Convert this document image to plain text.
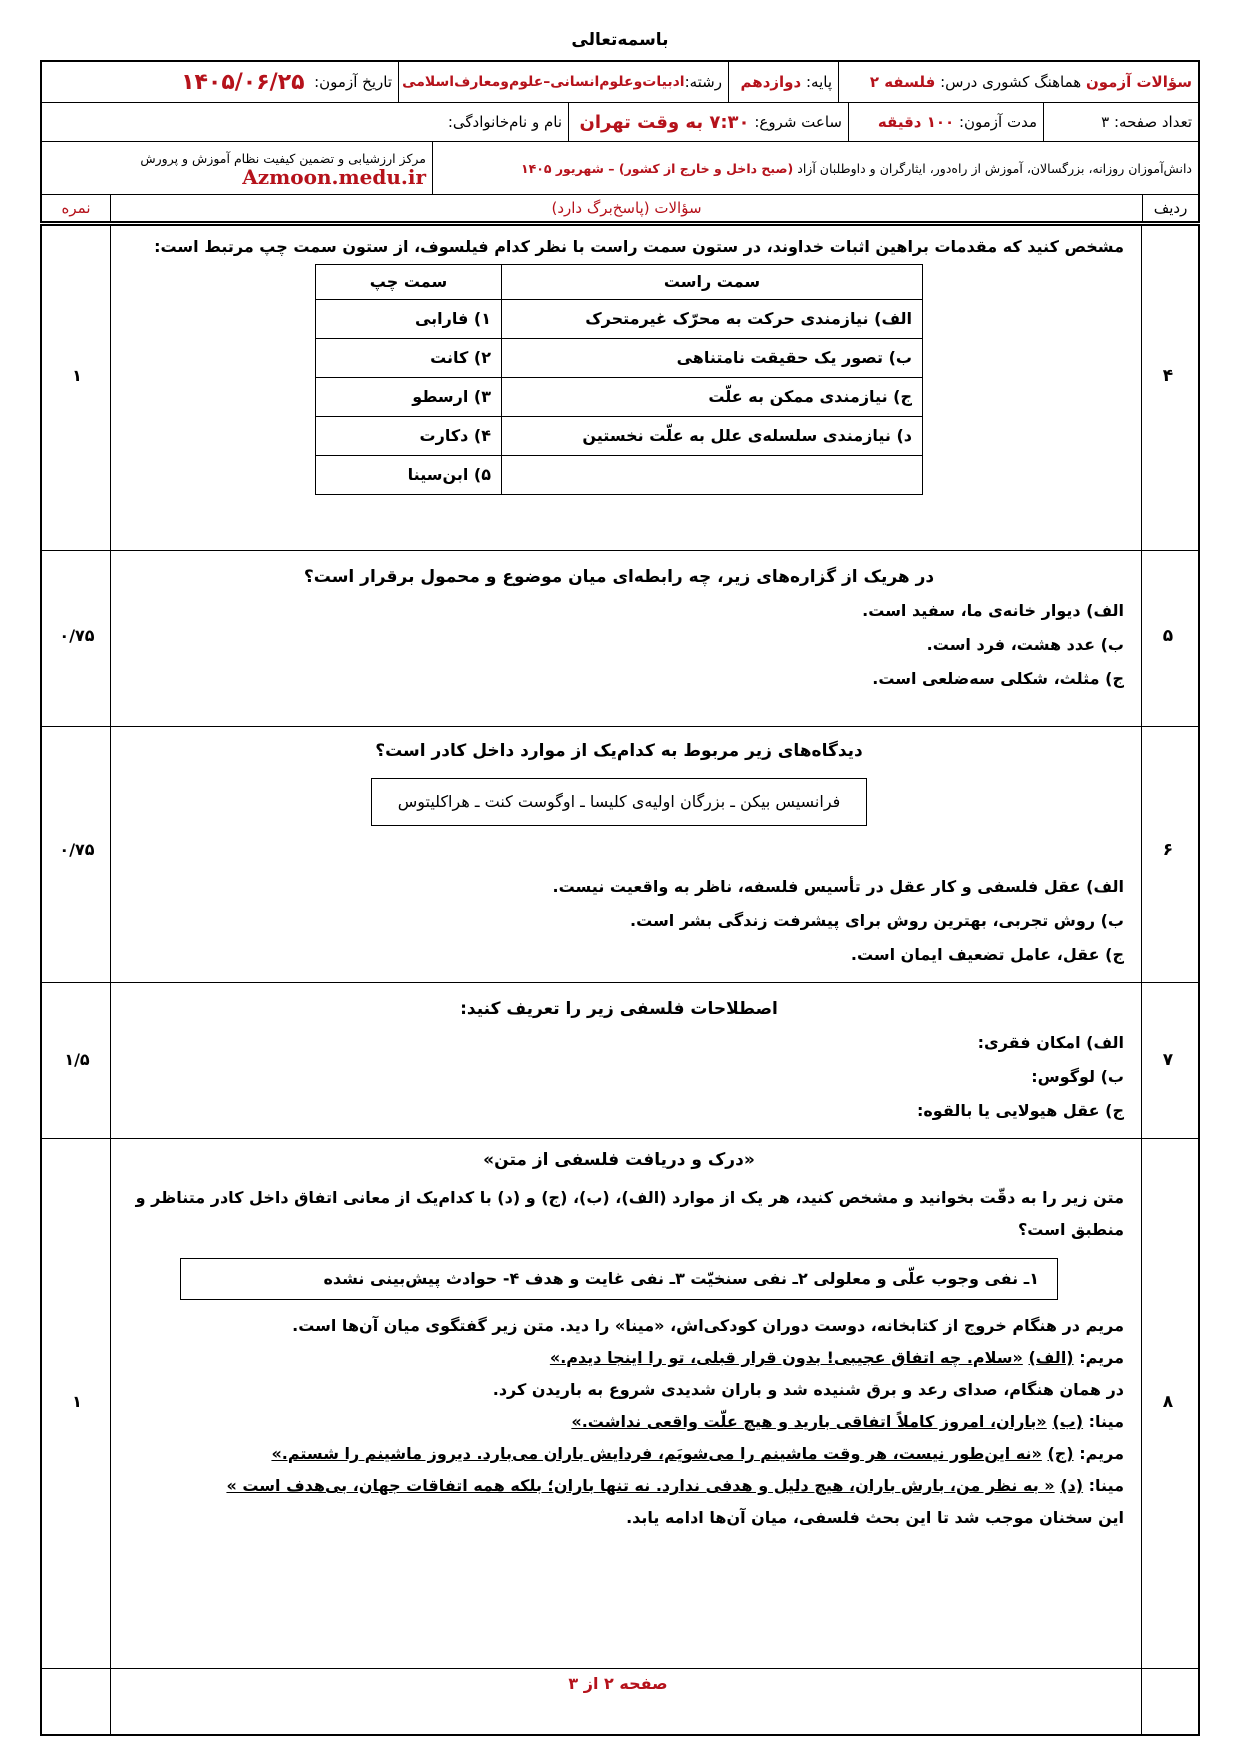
باسمه‌تعالی
سؤالات آزمون

هماهنگ کشوری درس:

فلسفه ۲
پایه:

دوازدهم
رشته:
ادبیات‌وعلوم‌انسانی–علوم‌ومعارف‌اسلامی
تاریخ آزمون:

۱۴۰۵/۰۶/۲۵
تعداد صفحه: ۳
مدت آزمون:

۱۰۰ دقیقه
ساعت شروع:

۷:۳۰ به وقت تهران
نام و نام‌خانوادگی:
دانش‌آموزان روزانه، بزرگسالان، آموزش از راه‌دور، ایثارگران و داوطلبان آزاد

(صبح داخل و خارج از کشور) – شهریور ۱۴۰۵
مرکز ارزشیابی و تضمین کیفیت نظام آموزش و پرورش
Azmoon.medu.ir
ردیف
سؤالات (پاسخ‌برگ دارد)
نمره
۴
۱

مشخص کنید که مقدمات براهین اثبات خداوند، در ستون سمت راست با نظر کدام فیلسوف، از ستون سمت چپ مرتبط است:

سمت راست	سمت چپ
الف) نیازمندی حرکت به محرّک غیرمتحرک	۱) فارابی
ب) تصور یک حقیقت نامتناهی	۲) کانت
ج) نیازمندی ممکن به علّت	۳) ارسطو
د) نیازمندی سلسله‌ی علل به علّت نخستین	۴) دکارت
	۵) ابن‌سینا
۵
۰/۷۵

در هریک از گزاره‌های زیر، چه رابطه‌ای میان موضوع و محمول برقرار است؟

الف) دیوار خانه‌ی ما، سفید است.

ب) عدد هشت، فرد است.

ج) مثلث، شکلی سه‌ضلعی است.

۶
۰/۷۵

دیدگاه‌های زیر مربوط به کدام‌یک از موارد داخل کادر است؟

فرانسیس بیکن ـ بزرگان اولیه‌ی کلیسا ـ اوگوست کنت ـ هراکلیتوس

الف) عقل فلسفی و کار عقل در تأسیس فلسفه، ناظر به واقعیت نیست.

ب) روش تجربی، بهترین روش برای پیشرفت زندگی بشر است.

ج) عقل، عامل تضعیف ایمان است.

۷
۱/۵

اصطلاحات فلسفی زیر را تعریف کنید:

الف) امکان فقری:

ب) لوگوس:

ج) عقل هیولایی یا بالقوه:

۸
۱

«درک و دریافت فلسفی از متن»

متن زیر را به دقّت بخوانید و مشخص کنید، هر یک از موارد (الف)، (ب)، (ج) و (د) با کدام‌یک از معانی اتفاق داخل کادر متناظر و منطبق است؟

۱ـ نفی وجوب علّی و معلولی ۲ـ نفی سنخیّت ۳ـ نفی غایت و هدف ۴- حوادث پیش‌بینی نشده

مریم در هنگام خروج از کتابخانه، دوست دوران کودکی‌اش، «مینا» را دید. متن زیر گفتگوی میان آن‌ها است.

مریم: (الف) «سلام. چه اتفاق عجیبی! بدون قرار قبلی، تو را اینجا دیدم.»

در همان هنگام، صدای رعد و برق شنیده شد و باران شدیدی شروع به باریدن کرد.

مینا: (ب) «باران، امروز کاملاً اتفاقی بارید و هیچ علّت واقعی نداشت.»

مریم: (ج) «نه این‌طور نیست، هر وقت ماشینم را می‌شویَم، فردایش باران می‌بارد. دیروز ماشینم را شستم.»

مینا: (د) « به نظر من، بارش باران، هیچ دلیل و هدفی ندارد. نه تنها باران؛ بلکه همه اتفاقات جهان، بی‌هدف است »

این سخنان موجب شد تا این بحث فلسفی، میان آن‌ها ادامه یابد.

صفحه ۲ از ۳
